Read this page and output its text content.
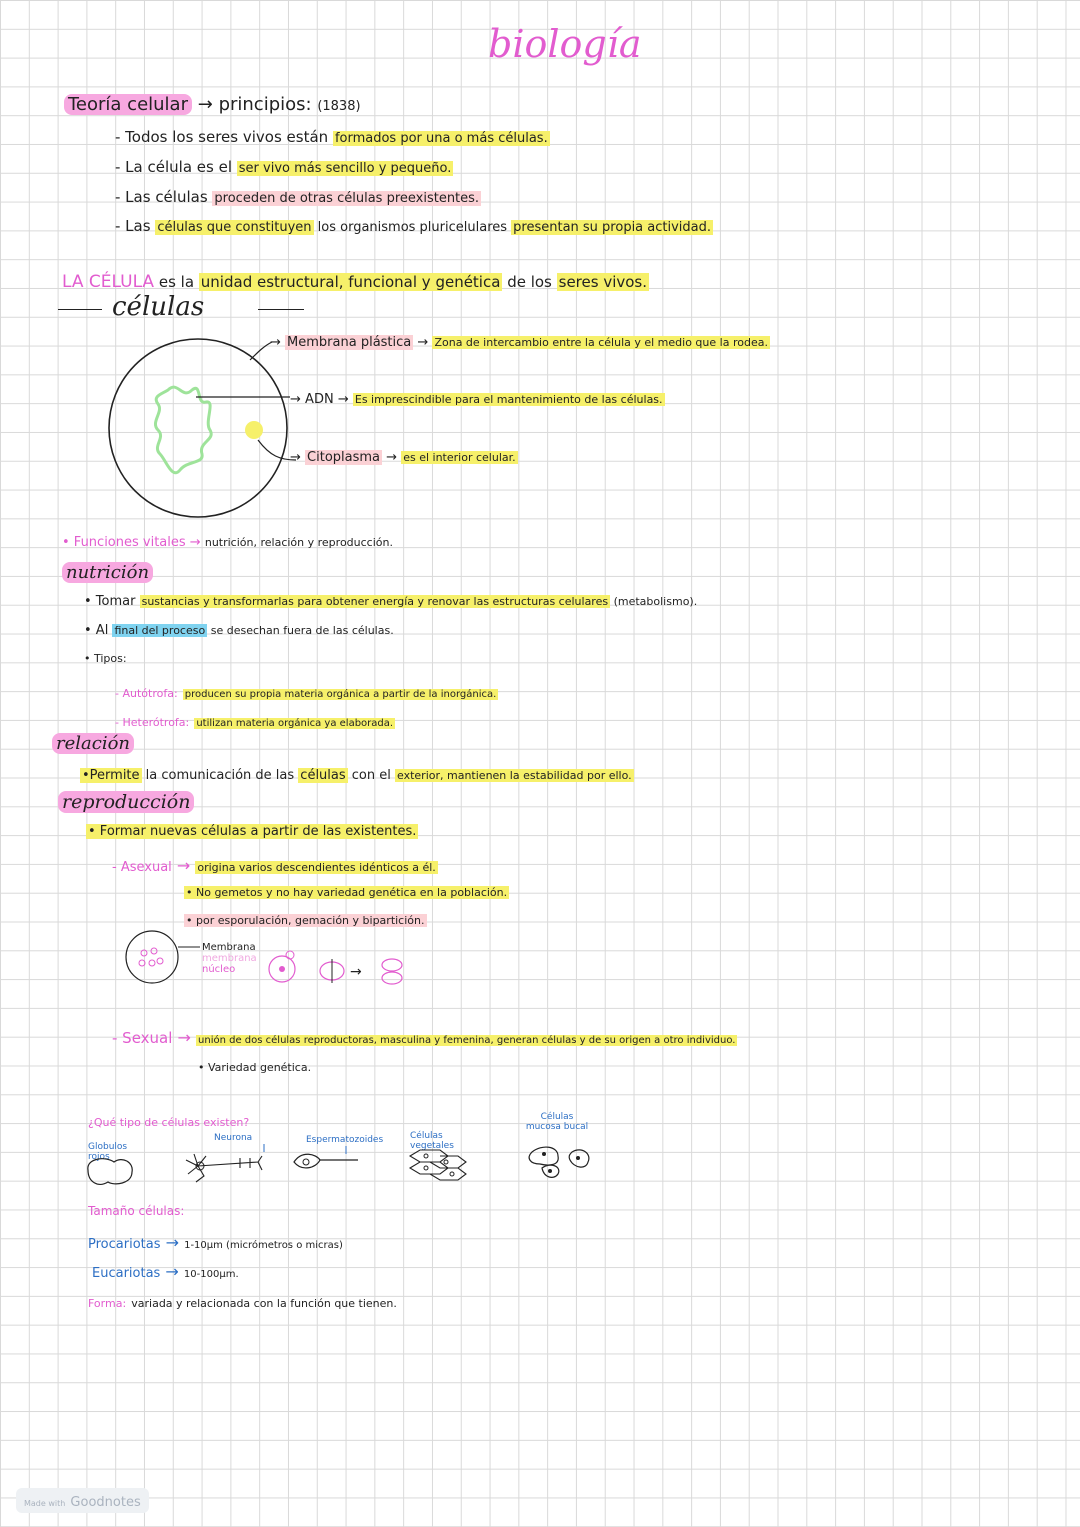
biología
Teoría celular → principios: (1838)
- Todos los seres vivos están formados por una o más células.
- La célula es el ser vivo más sencillo y pequeño.
- Las células proceden de otras células preexistentes.
- Las células que constituyen los organismos pluricelulares presentan su propia actividad.
LA CÉLULA es la unidad estructural, funcional y genética de los seres vivos.
células
→ Membrana plástica → Zona de intercambio entre la célula y el medio que la rodea.
→ ADN → Es imprescindible para el mantenimiento de las células.
→ Citoplasma → es el interior celular.
• Funciones vitales → nutrición, relación y reproducción.
nutrición
• Tomar sustancias y transformarlas para obtener energía y renovar las estructuras celulares (metabolismo).
• Al final del proceso se desechan fuera de las células.
• Tipos:
- Autótrofa: producen su propia materia orgánica a partir de la inorgánica.
- Heterótrofa: utilizan materia orgánica ya elaborada.
relación
•Permite la comunicación de las células con el exterior, mantienen la estabilidad por ello.
reproducción
• Formar nuevas células a partir de las existentes.
- Asexual → origina varios descendientes idénticos a él.
• No gemetos y no hay variedad genética en la población.
• por esporulación, gemación y bipartición.
→
Membrana
membrana
núcleo
- Sexual → unión de dos células reproductoras, masculina y femenina, generan células y de su origen a otro individuo.
• Variedad genética.
¿Qué tipo de células existen?
Globulos rojos
Neurona	Espermatozoides	Células vegetales
Células mucosa bucal
Tamaño células:
Procariotas → 1-10µm (micrómetros o micras)
Eucariotas → 10-100µm.
Forma: variada y relacionada con la función que tienen.
Made with Goodnotes
